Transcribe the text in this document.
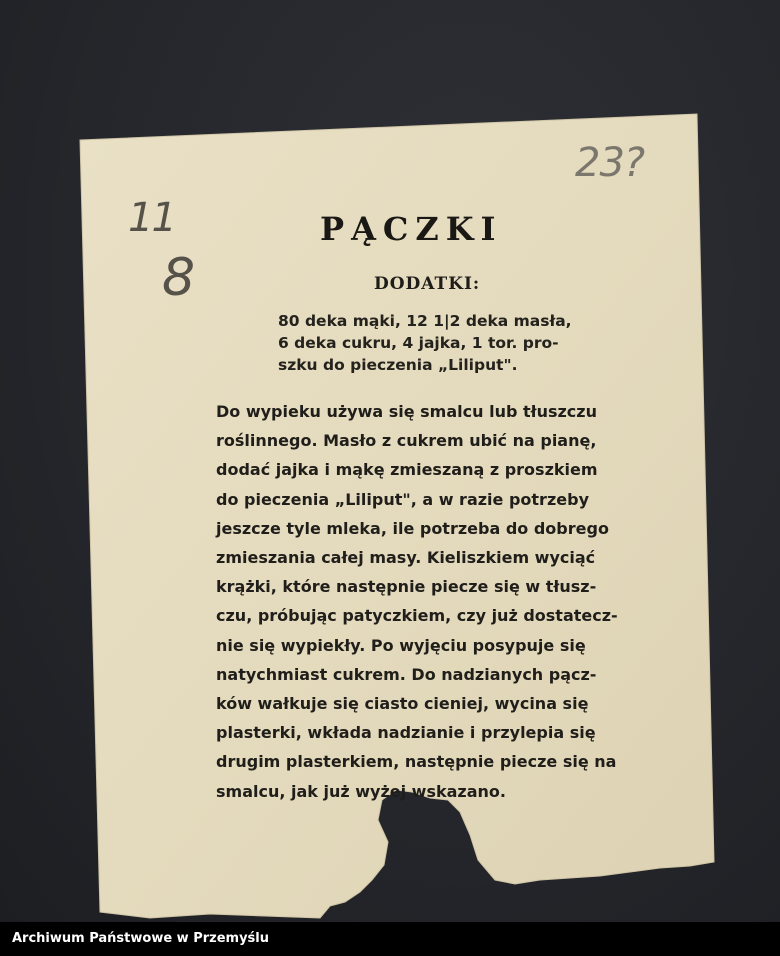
11
8
23?
PĄCZKI
DODATKI:
80 deka mąki, 12 1|2 deka masła,
6 deka cukru, 4 jajka, 1 tor. pro-
szku do pieczenia „Liliput".
Do wypieku używa się smalcu lub tłuszczu
roślinnego. Masło z cukrem ubić na pianę,
dodać jajka i mąkę zmieszaną z proszkiem
do pieczenia „Liliput", a w razie potrzeby
jeszcze tyle mleka, ile potrzeba do dobrego
zmieszania całej masy. Kieliszkiem wyciąć
krążki, które następnie piecze się w tłusz-
czu, próbując patyczkiem, czy już dostatecz-
nie się wypiekły. Po wyjęciu posypuje się
natychmiast cukrem. Do nadzianych pącz-
ków wałkuje się ciasto cieniej, wycina się
plasterki, wkłada nadzianie i przylepia się
drugim plasterkiem, następnie piecze się na
smalcu, jak już wyżej wskazano.
Archiwum Państwowe w Przemyślu
